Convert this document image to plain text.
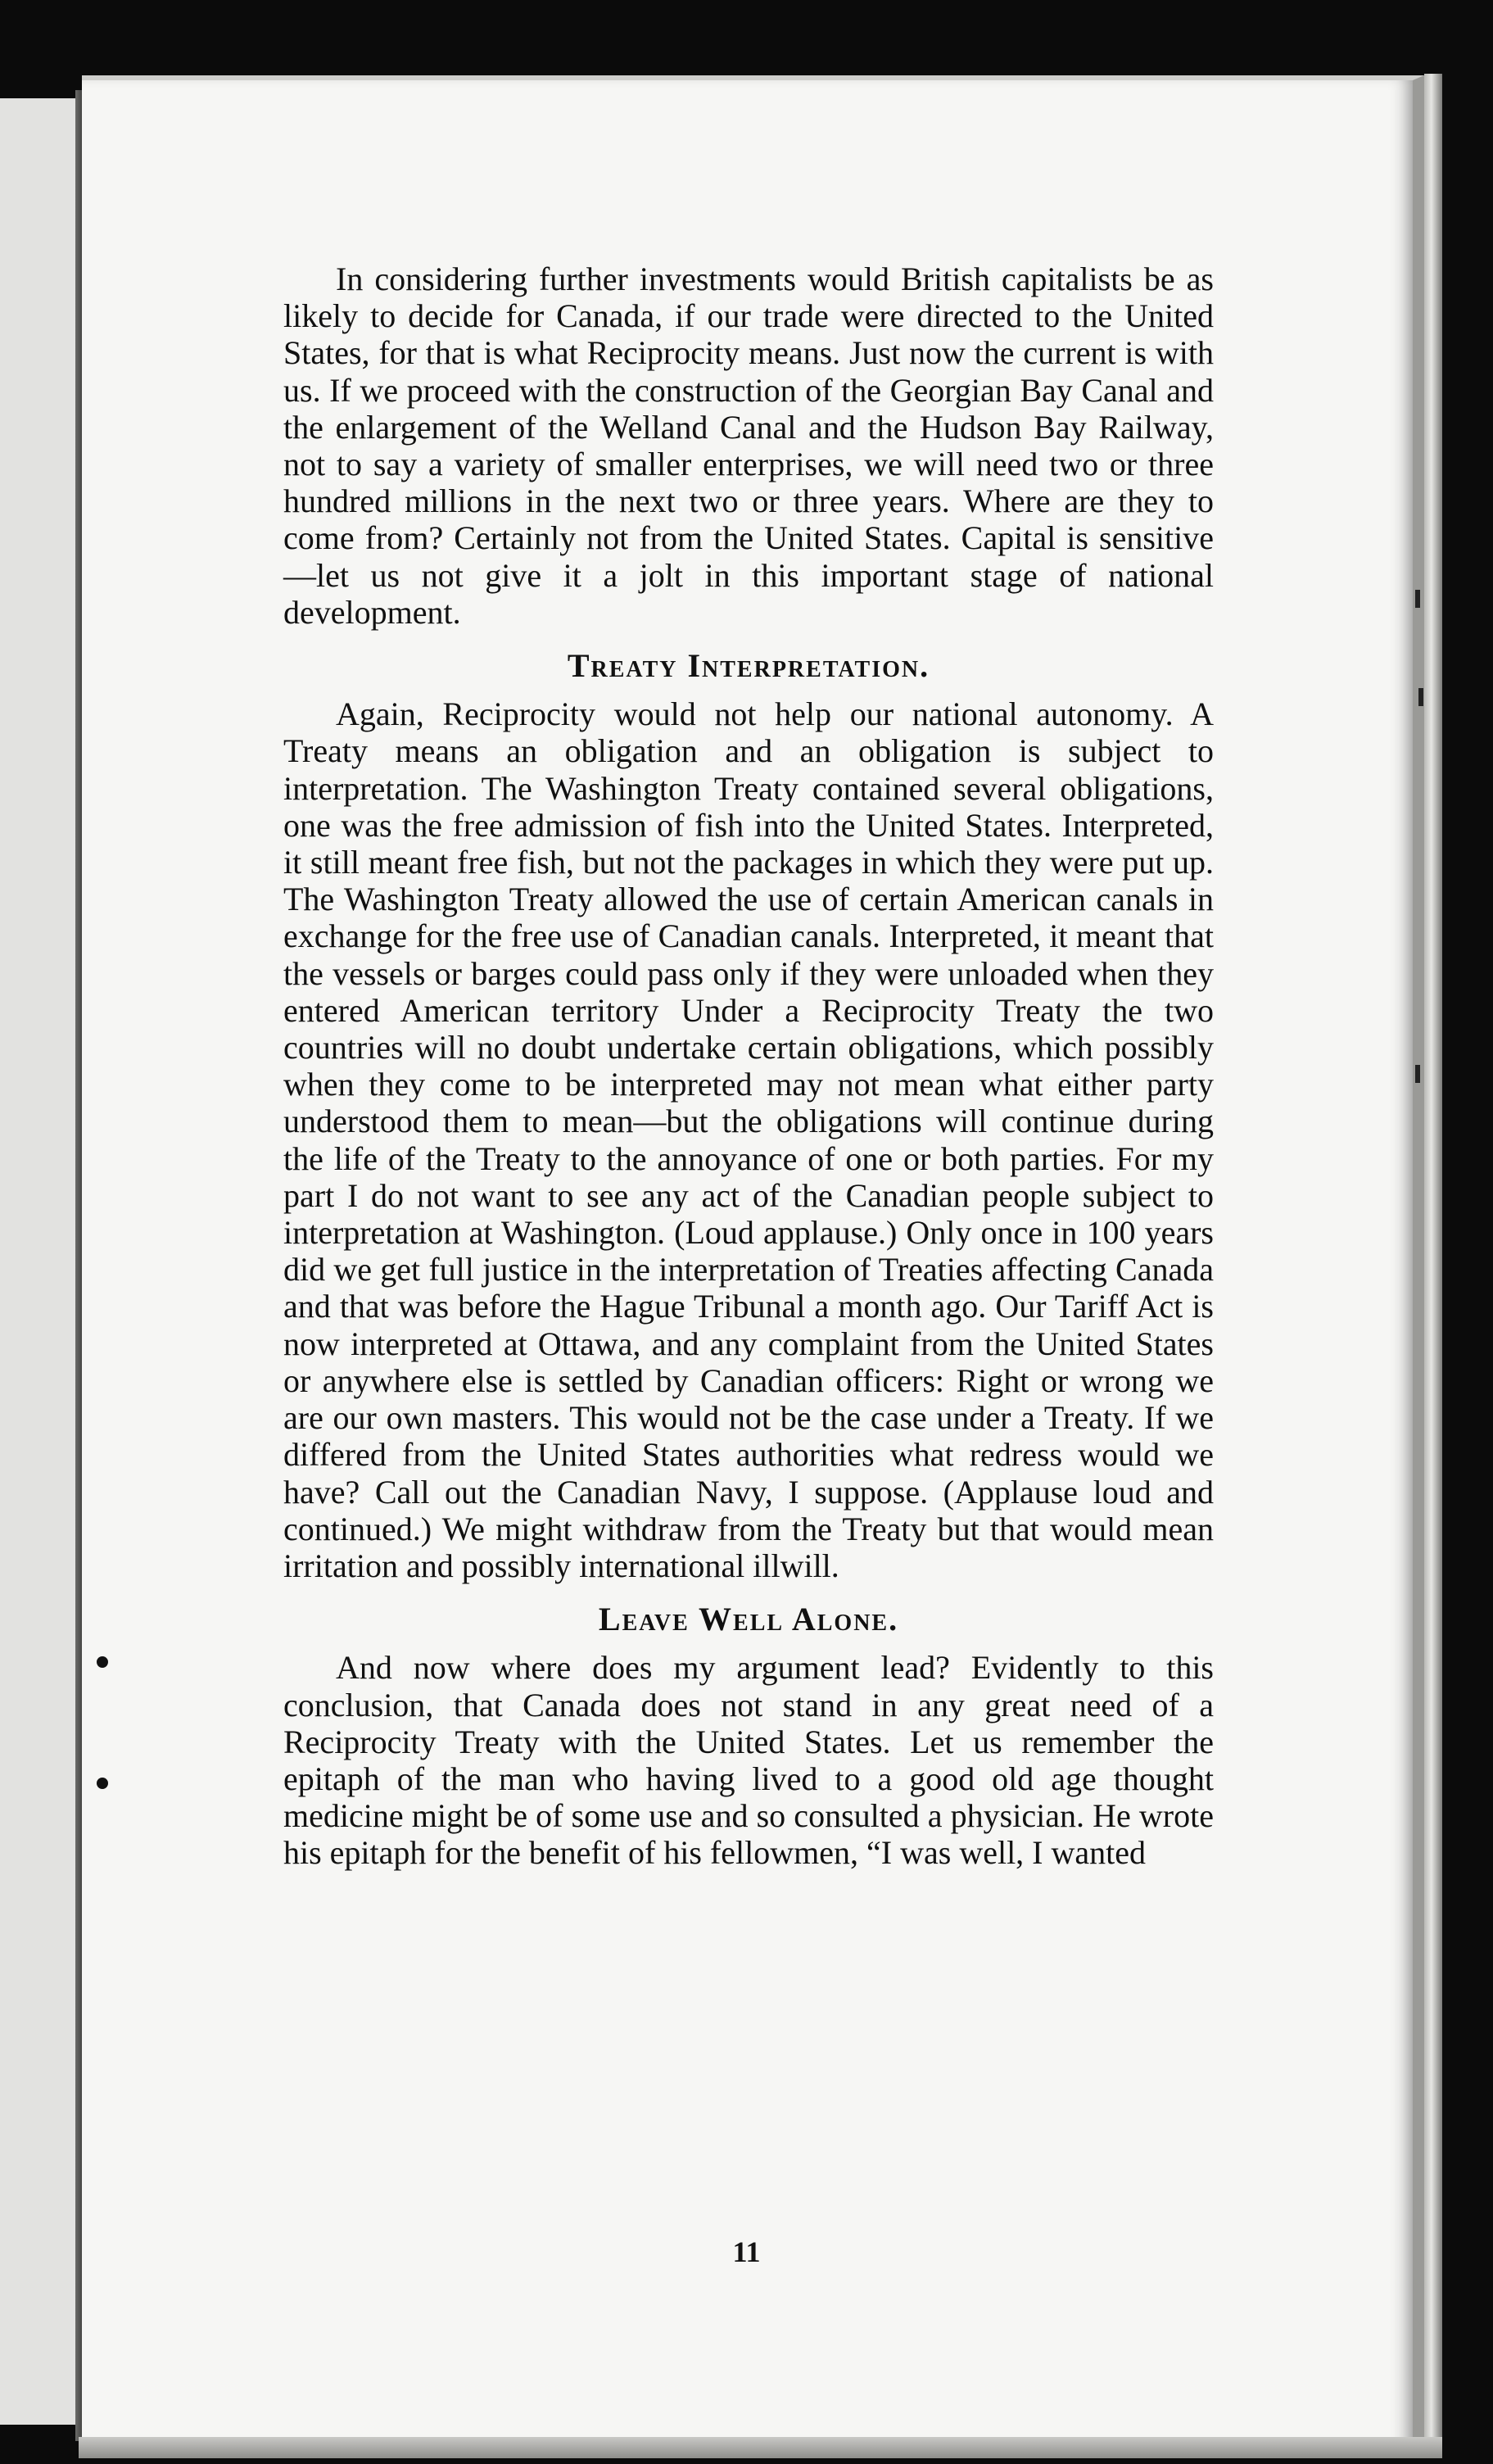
In considering further investments would British capitalists be as likely to decide for Canada, if our trade were directed to the United States, for that is what Reciprocity means. Just now the current is with us. If we proceed with the construction of the Georgian Bay Canal and the enlargement of the Welland Canal and the Hudson Bay Railway, not to say a variety of smaller enterprises, we will need two or three hundred millions in the next two or three years. Where are they to come from? Certainly not from the United States. Capital is sensitive—let us not give it a jolt in this important stage of national development.

Treaty Interpretation.

Again, Reciprocity would not help our national autonomy. A Treaty means an obligation and an obligation is subject to interpretation. The Washington Treaty contained several obligations, one was the free admission of fish into the United States. Interpreted, it still meant free fish, but not the packages in which they were put up. The Washington Treaty allowed the use of certain American canals in exchange for the free use of Canadian canals. Interpreted, it meant that the vessels or barges could pass only if they were unloaded when they entered American territory Under a Reciprocity Treaty the two countries will no doubt undertake certain obligations, which possibly when they come to be interpreted may not mean what either party understood them to mean—but the obligations will continue during the life of the Treaty to the annoyance of one or both parties. For my part I do not want to see any act of the Canadian people subject to interpretation at Washington. (Loud applause.) Only once in 100 years did we get full justice in the interpretation of Treaties affecting Canada and that was before the Hague Tribunal a month ago. Our Tariff Act is now interpreted at Ottawa, and any complaint from the United States or anywhere else is settled by Canadian officers: Right or wrong we are our own masters. This would not be the case under a Treaty. If we differed from the United States authorities what redress would we have? Call out the Canadian Navy, I suppose. (Applause loud and continued.) We might withdraw from the Treaty but that would mean irritation and possibly international illwill.

Leave Well Alone.

And now where does my argument lead? Evidently to this conclusion, that Canada does not stand in any great need of a Reciprocity Treaty with the United States. Let us remember the epitaph of the man who having lived to a good old age thought medicine might be of some use and so consulted a physician. He wrote his epitaph for the benefit of his fellowmen, “I was well, I wanted

11
